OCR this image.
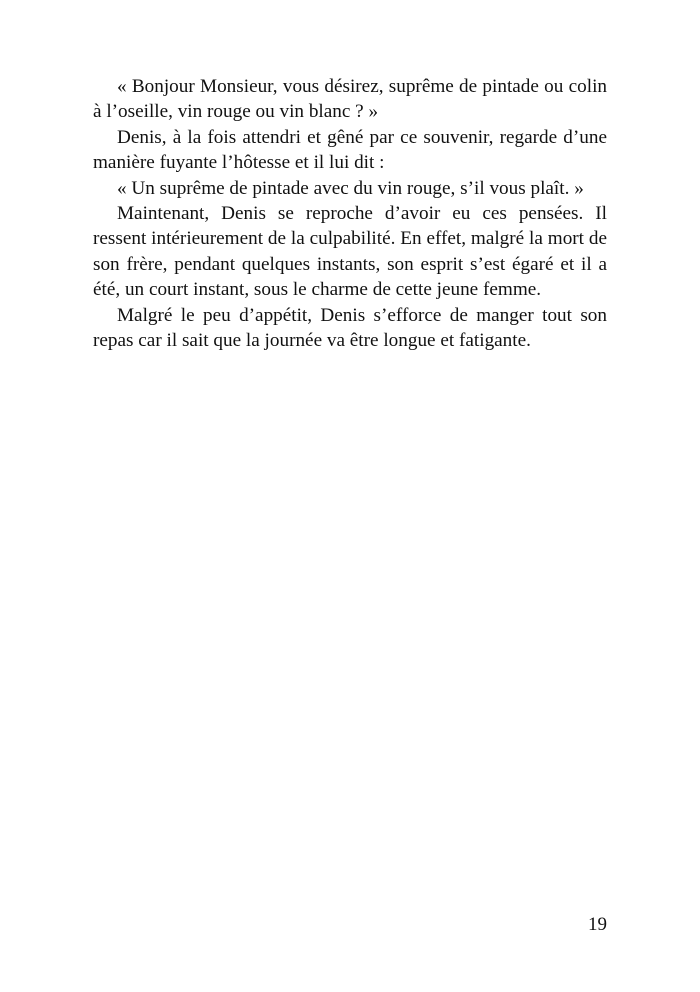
« Bonjour Monsieur, vous désirez, suprême de pintade ou colin à l’oseille, vin rouge ou vin blanc ? »

Denis, à la fois attendri et gêné par ce souvenir, regarde d’une manière fuyante l’hôtesse et il lui dit :

« Un suprême de pintade avec du vin rouge, s’il vous plaît. »

Maintenant, Denis se reproche d’avoir eu ces pensées. Il ressent intérieurement de la culpabilité. En effet, malgré la mort de son frère, pendant quelques instants, son esprit s’est égaré et il a été, un court instant, sous le charme de cette jeune femme.

Malgré le peu d’appétit, Denis s’efforce de manger tout son repas car il sait que la journée va être longue et fatigante.

19
